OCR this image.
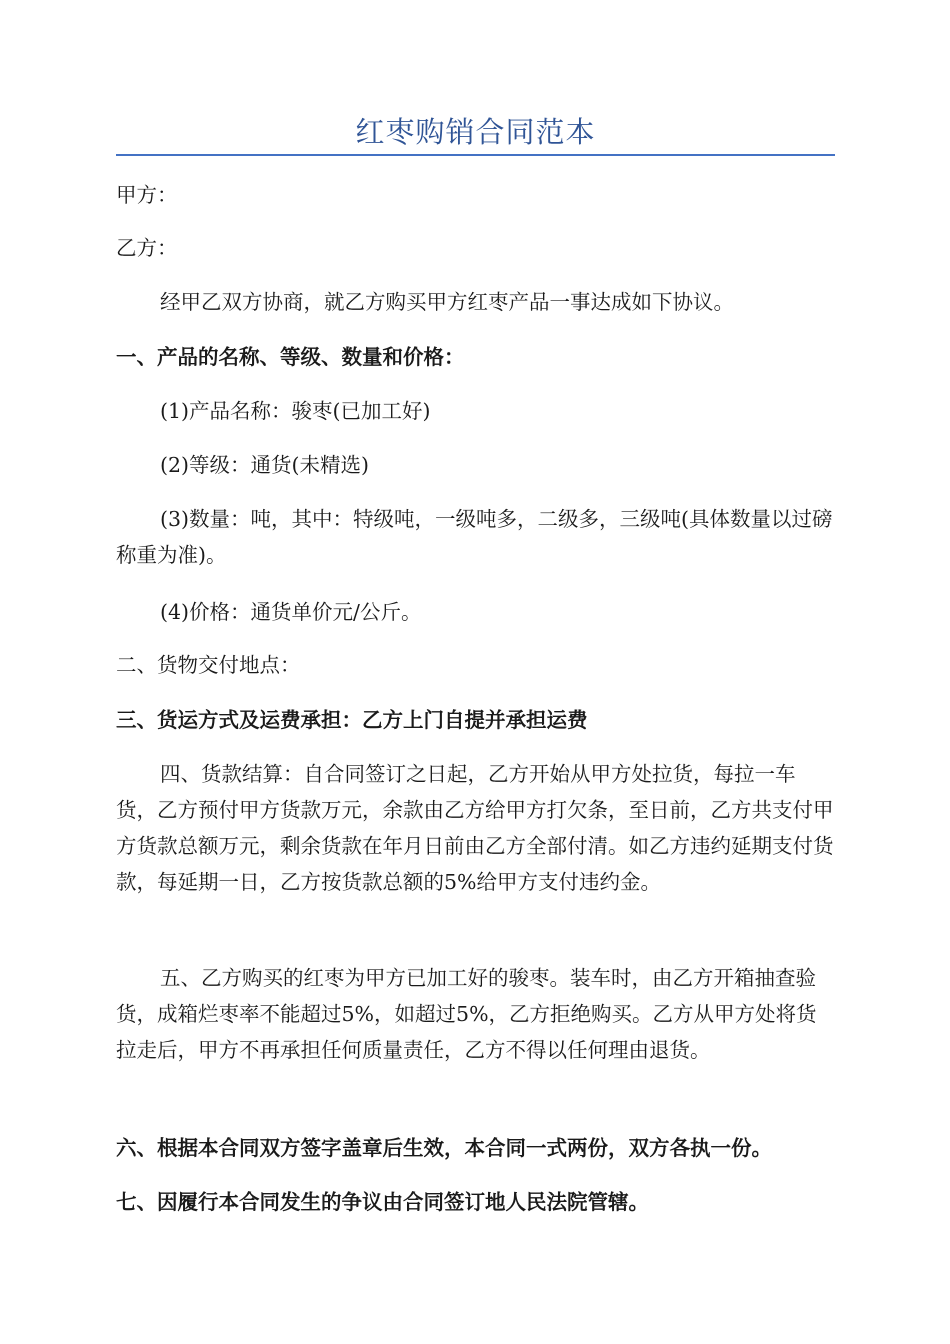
红枣购销合同范本

甲方：

乙方：

经甲乙双方协商，就乙方购买甲方红枣产品一事达成如下协议。

一、产品的名称、等级、数量和价格：

(1)产品名称：骏枣(已加工好)

(2)等级：通货(未精选)

(3)数量：吨，其中：特级吨，一级吨多，二级多，三级吨(具体数量以过磅称重为准)。

(4)价格：通货单价元/公斤。

二、货物交付地点：

三、货运方式及运费承担：乙方上门自提并承担运费

四、货款结算：自合同签订之日起，乙方开始从甲方处拉货，每拉一车货，乙方预付甲方货款万元，余款由乙方给甲方打欠条，至日前，乙方共支付甲方货款总额万元，剩余货款在年月日前由乙方全部付清。如乙方违约延期支付货款，每延期一日，乙方按货款总额的5%给甲方支付违约金。

五、乙方购买的红枣为甲方已加工好的骏枣。装车时，由乙方开箱抽查验货，成箱烂枣率不能超过5%，如超过5%，乙方拒绝购买。乙方从甲方处将货拉走后，甲方不再承担任何质量责任，乙方不得以任何理由退货。

六、根据本合同双方签字盖章后生效，本合同一式两份，双方各执一份。

七、因履行本合同发生的争议由合同签订地人民法院管辖。
